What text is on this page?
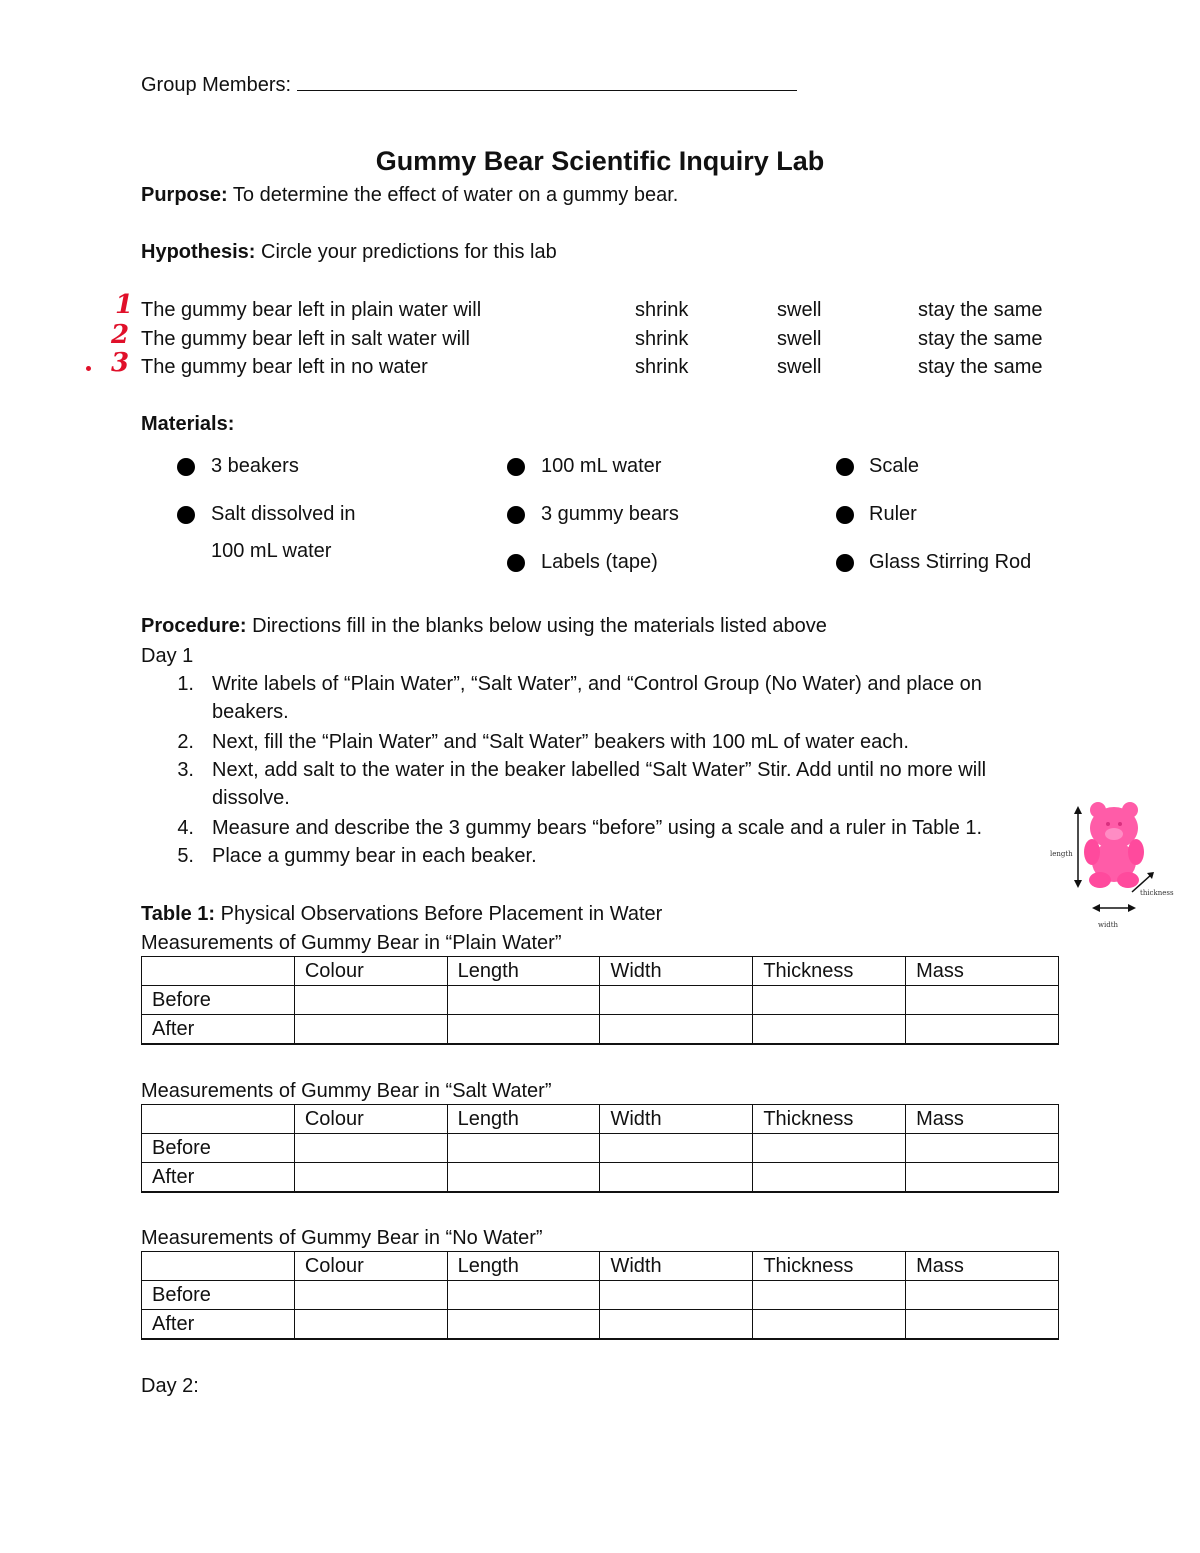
Group Members:
Gummy Bear Scientific Inquiry Lab
Purpose: To determine the effect of water on a gummy bear.
Hypothesis: Circle your predictions for this lab
1 The gummy bear left in plain water will	shrink	swell	stay the same
2 The gummy bear left in salt water will	shrink	swell	stay the same
3 The gummy bear left in no water	shrink	swell	stay the same
Materials:
3 beakers	100 mL water	Scale
Salt dissolved in	3 gummy bears	Ruler
100 mL water	Labels (tape)	Glass Stirring Rod
Procedure: Directions fill in the blanks below using the materials listed above
Day 1
1. Write labels of “Plain Water”, “Salt Water”, and “Control Group (No Water) and place on beakers.
2. Next, fill the “Plain Water” and “Salt Water” beakers with 100 mL of water each.
3. Next, add salt to the water in the beaker labelled “Salt Water” Stir. Add until no more will dissolve.
4. Measure and describe the 3 gummy bears “before” using a scale and a ruler in Table 1.
5. Place a gummy bear in each beaker.	length
thickness
width
Table 1: Physical Observations Before Placement in Water
Measurements of Gummy Bear in “Plain Water”
	Colour	Length	Width	Thickness	Mass
Before					
After					
Measurements of Gummy Bear in “Salt Water”
	Colour	Length	Width	Thickness	Mass
Before					
After					
Measurements of Gummy Bear in “No Water”
	Colour	Length	Width	Thickness	Mass
Before					
After					
Day 2:
